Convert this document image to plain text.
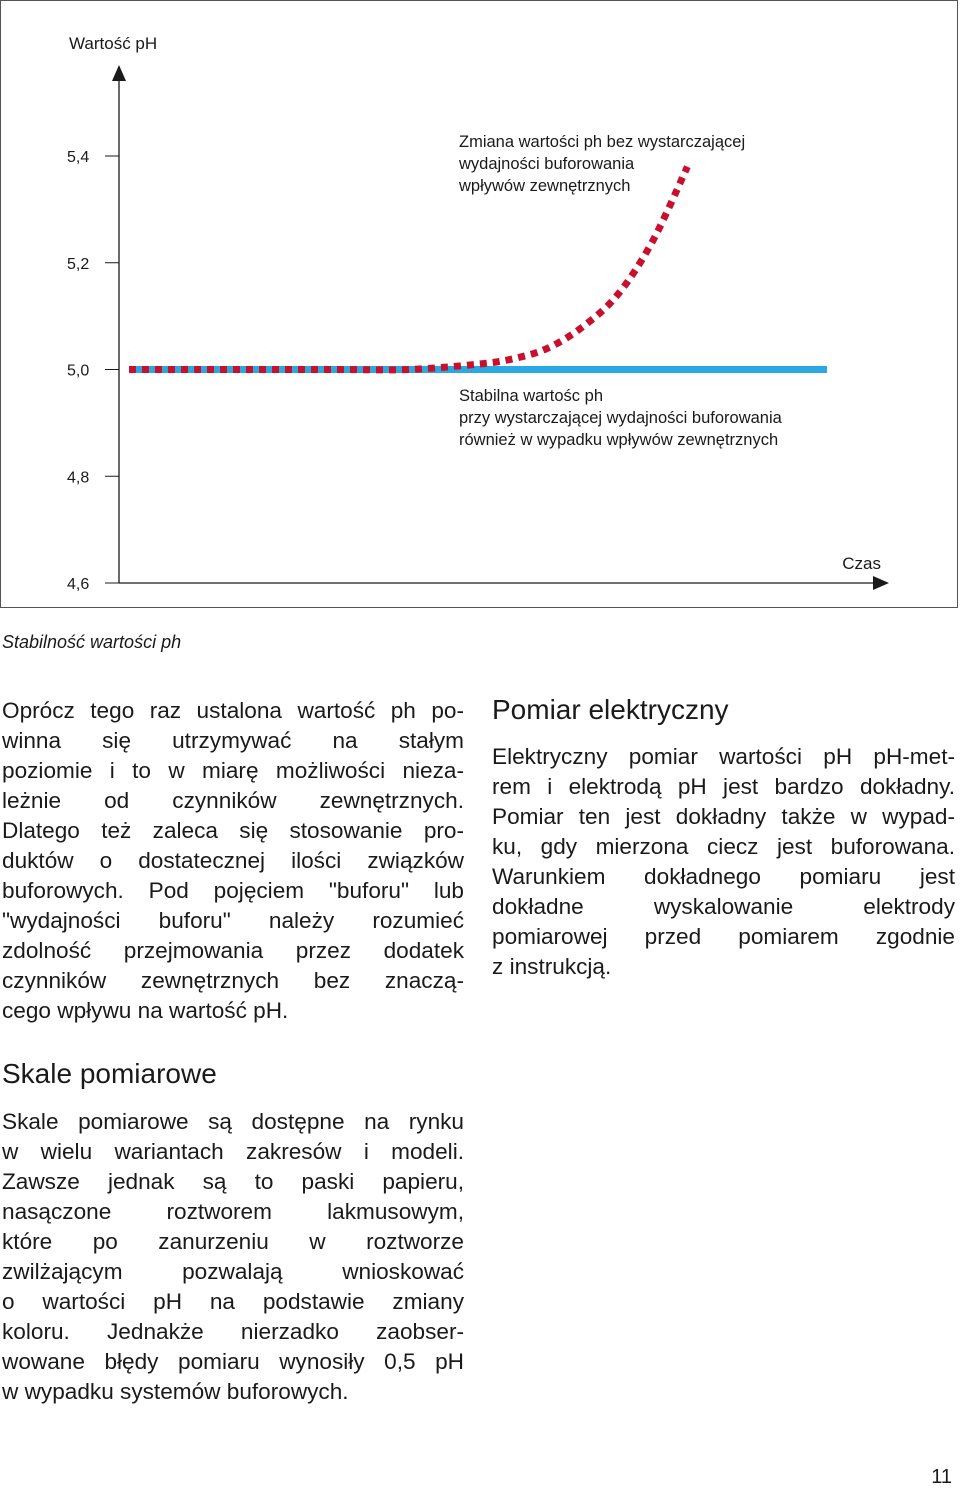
Wartość pH
Czas
5,4
5,2
5,0
4,8
4,6
Zmiana wartości ph bez wystarczającej
wydajności buforowania
wpływów zewnętrznych
Stabilna wartośc ph
przy wystarczającej wydajności buforowania
również w wypadku wpływów zewnętrznych
Stabilność wartości ph
Oprócz tego raz ustalona wartość ph po-
winna się utrzymywać na stałym
poziomie i to w miarę możliwości nieza-
leżnie od czynników zewnętrznych.
Dlatego też zaleca się stosowanie pro-
duktów o dostatecznej ilości związków
buforowych. Pod pojęciem "buforu" lub
"wydajności buforu" należy rozumieć
zdolność przejmowania przez dodatek
czynników zewnętrznych bez znaczą-
cego wpływu na wartość pH.
Pomiar elektryczny
Elektryczny pomiar wartości pH pH-met-
rem i elektrodą pH jest bardzo dokładny.
Pomiar ten jest dokładny także w wypad-
ku, gdy mierzona ciecz jest buforowana.
Warunkiem dokładnego pomiaru jest
dokładne wyskalowanie elektrody
pomiarowej przed pomiarem zgodnie
z instrukcją.
Skale pomiarowe
Skale pomiarowe są dostępne na rynku
w wielu wariantach zakresów i modeli.
Zawsze jednak są to paski papieru,
nasączone roztworem lakmusowym,
które po zanurzeniu w roztworze
zwilżającym pozwalają wnioskować
o wartości pH na podstawie zmiany
koloru. Jednakże nierzadko zaobser-
wowane błędy pomiaru wynosiły 0,5 pH
w wypadku systemów buforowych.
11
